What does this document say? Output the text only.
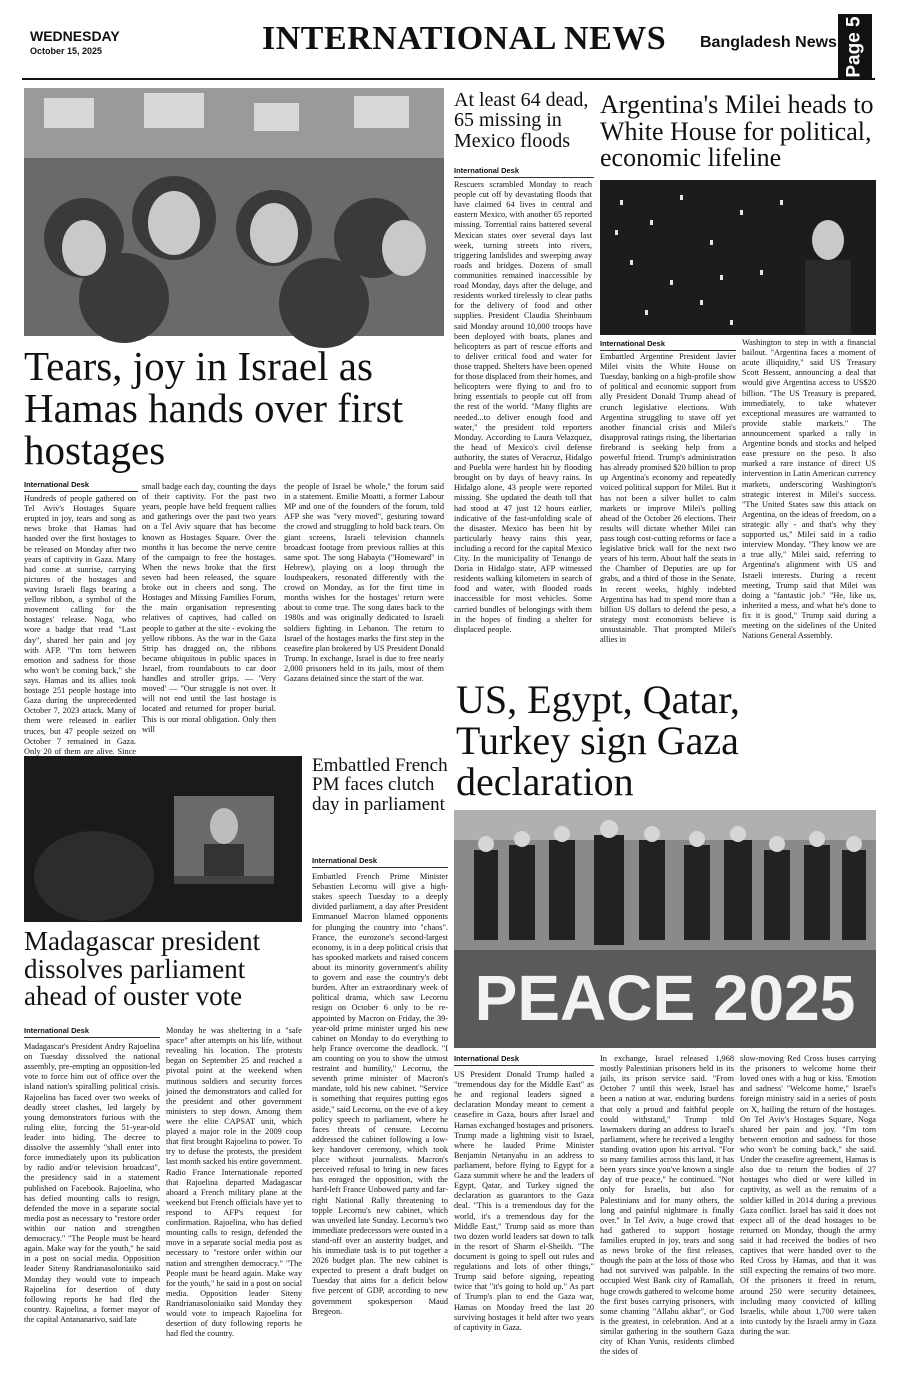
WEDNESDAY
October 15, 2025	INTERNATIONAL NEWS Bangladesh News Page 5
Tears, joy in Israel as Hamas hands over first hostages
International Desk
Hundreds of people gathered on Tel Aviv's Hostages Square erupted in joy, tears and song as news broke that Hamas had handed over the first hostages to be released on Monday after two years of captivity in Gaza. Many had come at sunrise, carrying pictures of the hostages and waving Israeli flags bearing a yellow ribbon, a symbol of the movement calling for the hostages' release. Noga, who wore a badge that read "Last day", shared her pain and joy with AFP. "I'm torn between emotion and sadness for those who won't be coming back," she says. Hamas and its allies took hostage 251 people hostage into Gaza during the unprecedented October 7, 2023 attack. Many of them were released in earlier truces, but 47 people seized on October 7 remained in Gaza. Only 20 of them are alive. Since
small badge each day, counting the days of their captivity. For the past two years, people have held frequent rallies and gatherings over the past two years on a Tel Aviv square that has become known as Hostages Square. Over the months it has become the nerve centre of the campaign to free the hostages. When the news broke that the first seven had been released, the square broke out in cheers and song. The Hostages and Missing Families Forum, the main organisation representing relatives of captives, had called on people to gather at the site - evoking the yellow ribbons. As the war in the Gaza Strip has dragged on, the ribbons became ubiquitous in public spaces in Israel, from roundabouts to car door handles and stroller grips. — 'Very moved' — "Our struggle is not over. It will not end until the last hostage is located and returned for proper burial. This is our moral obligation. Only then will
the people of Israel be whole," the forum said in a statement. Emilie Moatti, a former Labour MP and one of the founders of the forum, told AFP she was "very moved", gesturing toward the crowd and struggling to hold back tears. On giant screens, Israeli television channels broadcast footage from previous rallies at this same spot. The song Habayta ("Homeward" in Hebrew), playing on a loop through the loudspeakers, resonated differently with the crowd on Monday, as for the first time in months wishes for the hostages' return were about to come true. The song dates back to the 1980s and was originally dedicated to Israeli soldiers fighting in Lebanon. The return to Israel of the hostages marks the first step in the ceasefire plan brokered by US President Donald Trump. In exchange, Israel is due to free nearly 2,000 prisoners held in its jails, most of them Gazans detained since the start of the war.
At least 64 dead, 65 missing in Mexico floods
International Desk
Rescuers scrambled Monday to reach people cut off by devastating floods that have claimed 64 lives in central and eastern Mexico, with another 65 reported missing. Torrential rains battered several Mexican states over several days last week, turning streets into rivers, triggering landslides and sweeping away roads and bridges. Dozens of small communities remained inaccessible by road Monday, days after the deluge, and residents worked tirelessly to clear paths for the delivery of food and other supplies. President Claudia Sheinbaum said Monday around 10,000 troops have been deployed with boats, planes and helicopters as part of rescue efforts and to deliver critical food and water for those trapped. Shelters have been opened for those displaced from their homes, and helicopters were flying to and fro to bring essentials to people cut off from the rest of the world. "Many flights are needed...to deliver enough food and water," the president told reporters Monday. According to Laura Velazquez, the head of Mexico's civil defense authority, the states of Veracruz, Hidalgo and Puebla were hardest hit by flooding brought on by days of heavy rains. In Hidalgo alone, 43 people were reported missing. She updated the death toll that had stood at 47 just 12 hours earlier, indicative of the fast-unfolding scale of the disaster. Mexico has been hit by particularly heavy rains this year, including a record for the capital Mexico City. In the municipality of Tenango de Doria in Hidalgo state, AFP witnessed residents walking kilometers in search of food and water, with flooded roads inaccessible for most vehicles. Some carried bundles of belongings with them in the hopes of finding a shelter for displaced people.
Argentina's Milei heads to White House for political, economic lifeline
International Desk
Embattled Argentine President Javier Milei visits the White House on Tuesday, banking on a high-profile show of political and economic support from ally President Donald Trump ahead of crunch legislative elections. With Argentina struggling to stave off yet another financial crisis and Milei's disapproval ratings rising, the libertarian firebrand is seeking help from a powerful friend. Trump's administration has already promised $20 billion to prop up Argentina's economy and repeatedly voiced political support for Milei. But it has not been a silver bullet to calm markets or improve Milei's polling ahead of the October 26 elections. Their results will dictate whether Milei can pass tough cost-cutting reforms or face a legislative brick wall for the next two years of his term. About half the seats in the Chamber of Deputies are up for grabs, and a third of those in the Senate. In recent weeks, highly indebted Argentina has had to spend more than a billion US dollars to defend the peso, a strategy most economists believe is unsustainable. That prompted Milei's allies in
Washington to step in with a financial bailout. "Argentina faces a moment of acute illiquidity," said US Treasury Scott Bessent, announcing a deal that would give Argentina access to US$20 billion. "The US Treasury is prepared, immediately, to take whatever exceptional measures are warranted to provide stable markets." The announcement sparked a rally in Argentine bonds and stocks and helped ease pressure on the peso. It also marked a rare instance of direct US intervention in Latin American currency markets, underscoring Washington's strategic interest in Milei's success. "The United States saw this attack on Argentina, on the ideas of freedom, on a strategic ally - and that's why they supported us," Milei said in a radio interview Monday. "They know we are a true ally," Milei said, referring to Argentina's alignment with US and Israeli interests. During a recent meeting, Trump said that Milei was doing a "fantastic job." "He, like us, inherited a mess, and what he's done to fix it is good," Trump said during a meeting on the sidelines of the United Nations General Assembly.
US, Egypt, Qatar, Turkey sign Gaza declaration
PEACE 2025
International Desk
US President Donald Trump hailed a "tremendous day for the Middle East" as he and regional leaders signed a declaration Monday meant to cement a ceasefire in Gaza, hours after Israel and Hamas exchanged hostages and prisoners. Trump made a lightning visit to Israel, where he lauded Prime Minister Benjamin Netanyahu in an address to parliament, before flying to Egypt for a Gaza summit where he and the leaders of Egypt, Qatar, and Turkey signed the declaration as guarantors to the Gaza deal. "This is a tremendous day for the world, it's a tremendous day for the Middle East," Trump said as more than two dozen world leaders sat down to talk in the resort of Sharm el-Sheikh. "The document is going to spell out rules and regulations and lots of other things," Trump said before signing, repeating twice that "it's going to hold up." As part of Trump's plan to end the Gaza war, Hamas on Monday freed the last 20 surviving hostages it held after two years of captivity in Gaza.
In exchange, Israel released 1,968 mostly Palestinian prisoners held in its jails, its prison service said. "From October 7 until this week, Israel has been a nation at war, enduring burdens that only a proud and faithful people could withstand," Trump told lawmakers during an address to Israel's parliament, where he received a lengthy standing ovation upon his arrival. "For so many families across this land, it has been years since you've known a single day of true peace," he continued. "Not only for Israelis, but also for Palestinians and for many others, the long and painful nightmare is finally over." In Tel Aviv, a huge crowd that had gathered to support hostage families erupted in joy, tears and song as news broke of the first releases, though the pain at the loss of those who had not survived was palpable. In the occupied West Bank city of Ramallah, huge crowds gathered to welcome home the first buses carrying prisoners, with some chanting "Allahu akbar", or God is the greatest, in celebration. And at a similar gathering in the southern Gaza city of Khan Yunis, residents climbed the sides of
slow-moving Red Cross buses carrying the prisoners to welcome home their loved ones with a hug or kiss. 'Emotion and sadness' "Welcome home," Israel's foreign ministry said in a series of posts on X, hailing the return of the hostages. On Tel Aviv's Hostages Square, Noga shared her pain and joy. "I'm torn between emotion and sadness for those who won't be coming back," she said. Under the ceasefire agreement, Hamas is also due to return the bodies of 27 hostages who died or were killed in captivity, as well as the remains of a soldier killed in 2014 during a previous Gaza conflict. Israel has said it does not expect all of the dead hostages to be returned on Monday, though the army said it had received the bodies of two captives that were handed over to the Red Cross by Hamas, and that it was still expecting the remains of two more. Of the prisoners it freed in return, around 250 were security detainees, including many convicted of killing Israelis, while about 1,700 were taken into custody by the Israeli army in Gaza during the war.
Embattled French PM faces clutch day in parliament
International Desk
Embattled French Prime Minister Sebastien Lecornu will give a high-stakes speech Tuesday to a deeply divided parliament, a day after President Emmanuel Macron blamed opponents for plunging the country into "chaos". France, the eurozone's second-largest economy, is in a deep political crisis that has spooked markets and raised concern about its minority government's ability to govern and ease the country's debt burden. After an extraordinary week of political drama, which saw Lecornu resign on October 6 only to be re-appointed by Macron on Friday, the 39-year-old prime minister urged his new cabinet on Monday to do everything to help France overcome the deadlock. "I am counting on you to show the utmost restraint and humility," Lecornu, the seventh prime minister of Macron's mandate, told his new cabinet. "Service is something that requires putting egos aside," said Lecornu, on the eve of a key policy speech to parliament, where he faces threats of censure. Lecornu addressed the cabinet following a low-key handover ceremony, which took place without journalists. Macron's perceived refusal to bring in new faces has enraged the opposition, with the hard-left France Unbowed party and far-right National Rally threatening to topple Lecornu's new cabinet, which was unveiled late Sunday. Lecornu's two immediate predecessors were ousted in a stand-off over an austerity budget, and his immediate task is to put together a 2026 budget plan. The new cabinet is expected to present a draft budget on Tuesday that aims for a deficit below five percent of GDP, according to new government spokesperson Maud Bregeon.
Madagascar president dissolves parliament ahead of ouster vote
International Desk
Madagascar's President Andry Rajoelina on Tuesday dissolved the national assembly, pre-empting an opposition-led vote to force him out of office over the island nation's spiralling political crisis. Rajoelina has faced over two weeks of deadly street clashes, led largely by young demonstrators furious with the ruling elite, forcing the 51-year-old leader into hiding. The decree to dissolve the assembly "shall enter into force immediately upon its publication by radio and/or television broadcast", the presidency said in a statement published on Facebook. Rajoelina, who has defied mounting calls to resign, defended the move in a separate social media post as necessary to "restore order within our nation and strengthen democracy." "The People must be heard again. Make way for the youth," he said in a post on social media. Opposition leader Siteny Randrianasoloniaiko said Monday they would vote to impeach Rajoelina for desertion of duty following reports he had fled the country. Rajoelina, a former mayor of the capital Antananarivo, said late
Monday he was sheltering in a "safe space" after attempts on his life, without revealing his location. The protests began on September 25 and reached a pivotal point at the weekend when mutinous soldiers and security forces joined the demonstrators and called for the president and other government ministers to step down. Among them were the elite CAPSAT unit, which played a major role in the 2009 coup that first brought Rajoelina to power. To try to defuse the protests, the president last month sacked his entire government. Radio France Internationale reported that Rajoelina departed Madagascar aboard a French military plane at the weekend but French officials have yet to respond to AFP's request for confirmation. Rajoelina, who has defied mounting calls to resign, defended the move in a separate social media post as necessary to "restore order within our nation and strengthen democracy." "The People must be heard again. Make way for the youth," he said in a post on social media. Opposition leader Siteny Randrianasoloniaiko said Monday they would vote to impeach Rajoelina for desertion of duty following reports he had fled the country.
